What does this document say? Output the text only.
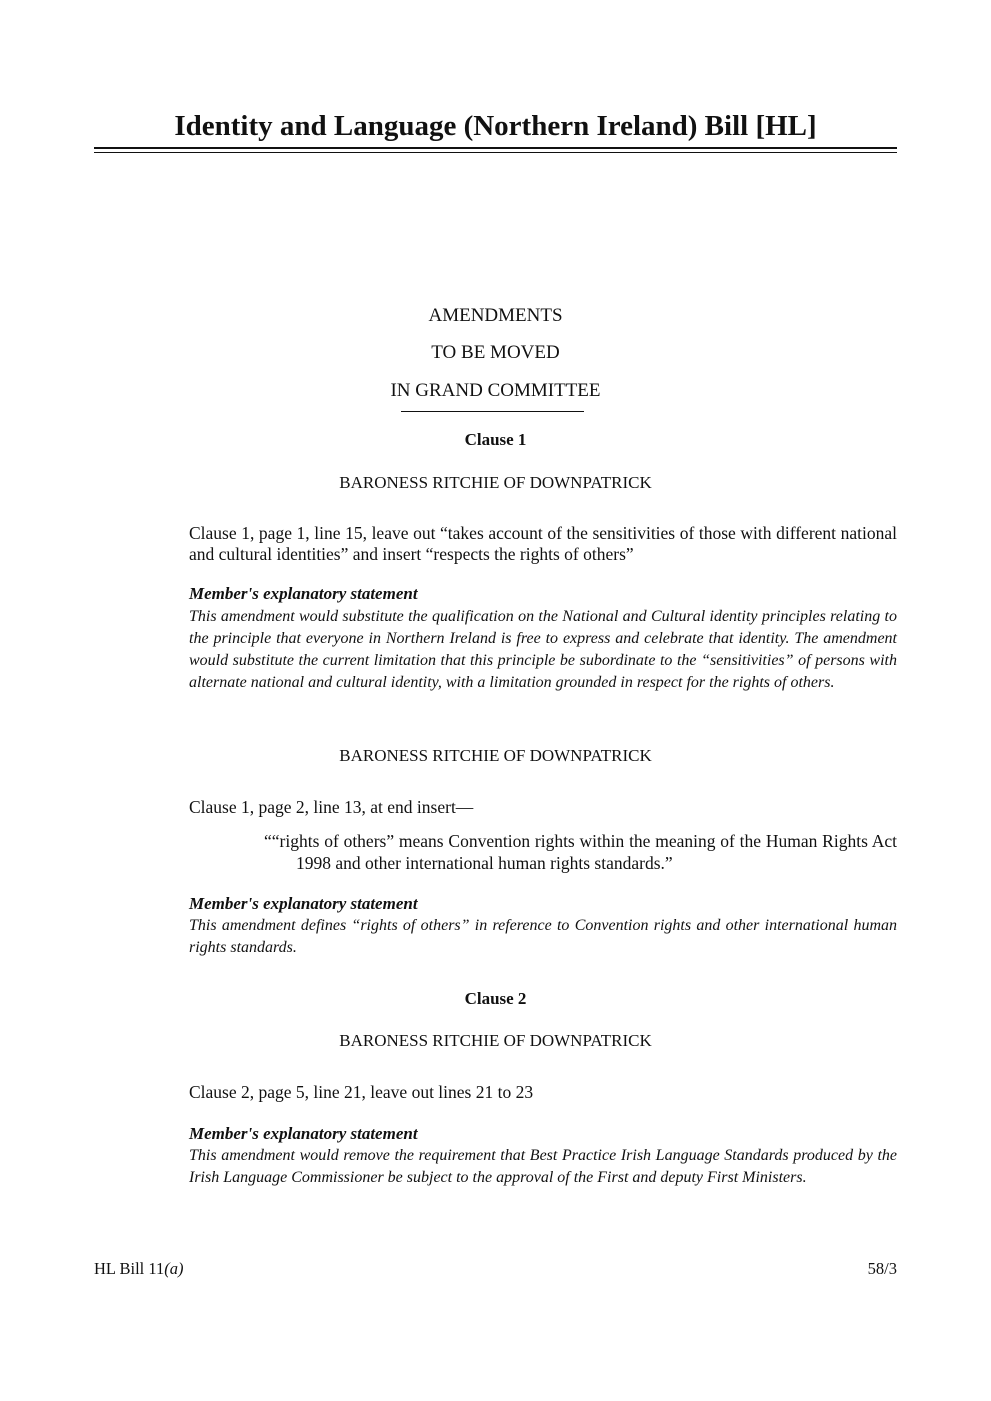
Identity and Language (Northern Ireland) Bill [HL]
AMENDMENTS
TO BE MOVED
IN GRAND COMMITTEE
Clause 1
BARONESS RITCHIE OF DOWNPATRICK
Clause 1, page 1, line 15, leave out “takes account of the sensitivities of those with different national and cultural identities” and insert “respects the rights of others”
Member's explanatory statement
This amendment would substitute the qualification on the National and Cultural identity principles relating to the principle that everyone in Northern Ireland is free to express and celebrate that identity. The amendment would substitute the current limitation that this principle be subordinate to the “sensitivities” of persons with alternate national and cultural identity, with a limitation grounded in respect for the rights of others.
BARONESS RITCHIE OF DOWNPATRICK
Clause 1, page 2, line 13, at end insert—
““rights of others” means Convention rights within the meaning of the Human Rights Act 1998 and other international human rights standards.”
Member's explanatory statement
This amendment defines “rights of others” in reference to Convention rights and other international human rights standards.
Clause 2
BARONESS RITCHIE OF DOWNPATRICK
Clause 2, page 5, line 21, leave out lines 21 to 23
Member's explanatory statement
This amendment would remove the requirement that Best Practice Irish Language Standards produced by the Irish Language Commissioner be subject to the approval of the First and deputy First Ministers.
HL Bill 11(a)	58/3
